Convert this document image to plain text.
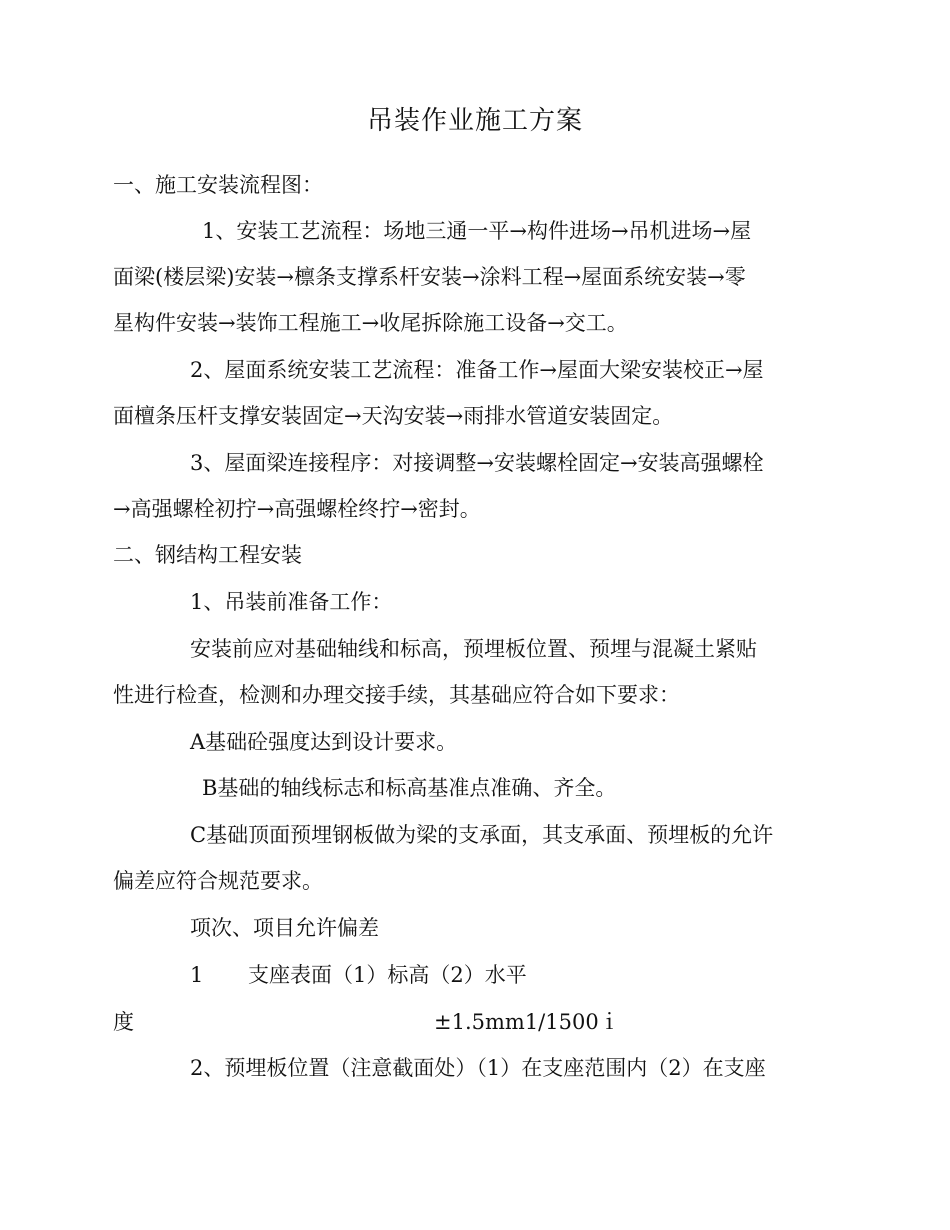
吊装作业施工方案

一、施工安装流程图：

1、安装工艺流程：场地三通一平→构件进场→吊机进场→屋

面梁(楼层梁)安装→檩条支撑系杆安装→涂料工程→屋面系统安装→零

星构件安装→装饰工程施工→收尾拆除施工设备→交工。

2、屋面系统安装工艺流程：准备工作→屋面大梁安装校正→屋

面檀条压杆支撑安装固定→天沟安装→雨排水管道安装固定。

3、屋面梁连接程序：对接调整→安装螺栓固定→安装高强螺栓

→高强螺栓初拧→高强螺栓终拧→密封。

二、钢结构工程安装

1、吊装前准备工作：

安装前应对基础轴线和标高，预埋板位置、预埋与混凝土紧贴

性进行检查，检测和办理交接手续，其基础应符合如下要求：

A基础砼强度达到设计要求。

B基础的轴线标志和标高基准点准确、齐全。

C基础顶面预埋钢板做为梁的支承面，其支承面、预埋板的允许

偏差应符合规范要求。

项次、项目允许偏差

1 支座表面（1）标高（2）水平

度	±1.5mm1/1500ｉ

2、预埋板位置（注意截面处）（1）在支座范围内（2）在支座
